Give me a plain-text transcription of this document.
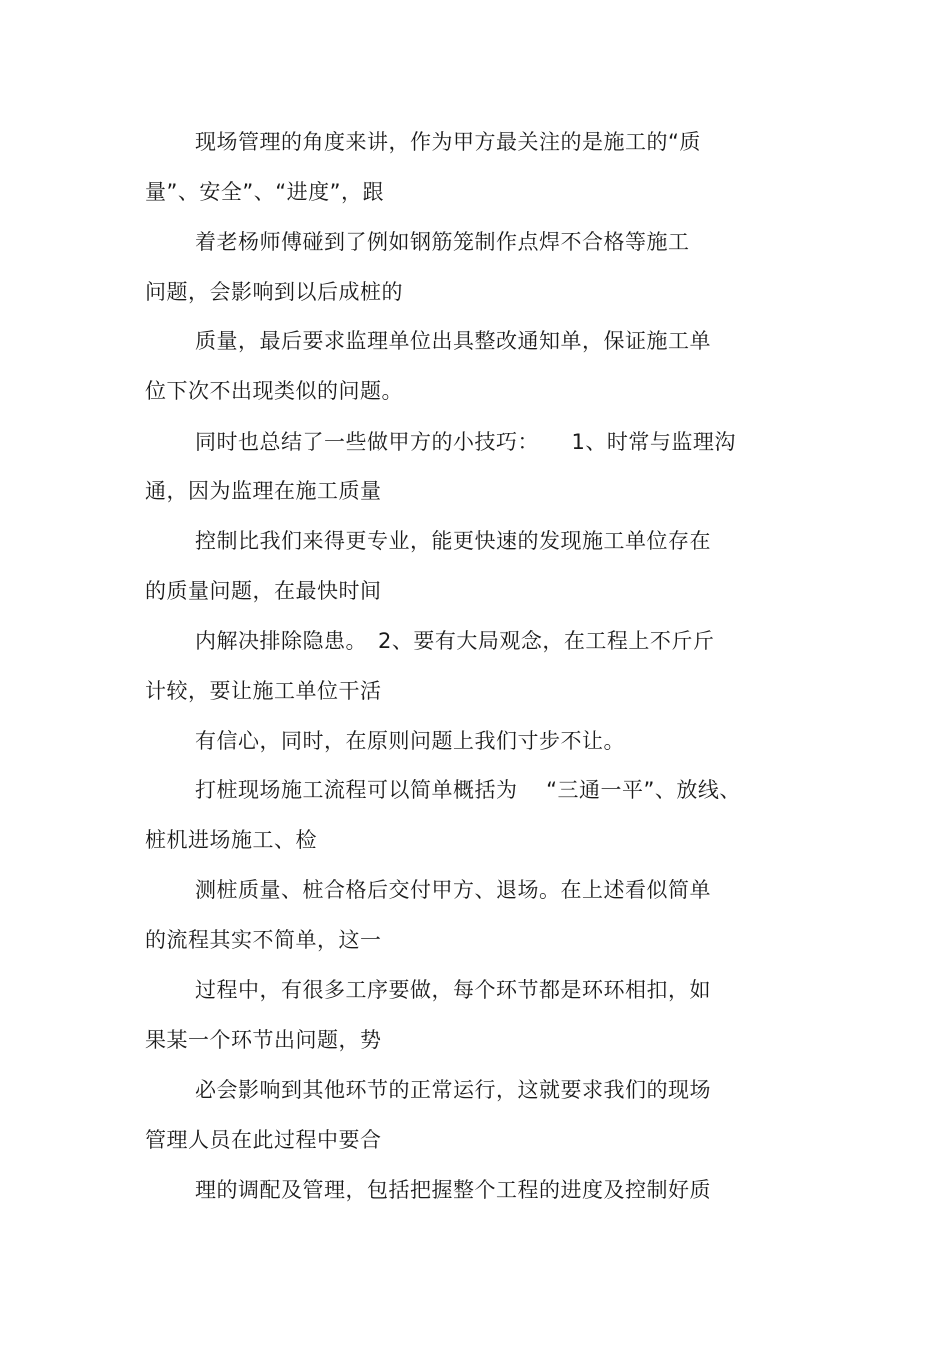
现场管理的角度来讲，作为甲方最关注的是施工的“质
量”、安全”、“进度”，跟
着老杨师傅碰到了例如钢筋笼制作点焊不合格等施工
问题，会影响到以后成桩的
质量，最后要求监理单位出具整改通知单，保证施工单
位下次不出现类似的问题。
同时也总结了一些做甲方的小技巧：　　1、时常与监理沟
通，因为监理在施工质量
控制比我们来得更专业，能更快速的发现施工单位存在
的质量问题，在最快时间
内解决排除隐患。　2、要有大局观念，在工程上不斤斤
计较，要让施工单位干活
有信心，同时，在原则问题上我们寸步不让。
打桩现场施工流程可以简单概括为　 “三通一平”、放线、
桩机进场施工、检
测桩质量、桩合格后交付甲方、退场。在上述看似简单
的流程其实不简单，这一
过程中，有很多工序要做，每个环节都是环环相扣，如
果某一个环节出问题，势
必会影响到其他环节的正常运行，这就要求我们的现场
管理人员在此过程中要合
理的调配及管理，包括把握整个工程的进度及控制好质
